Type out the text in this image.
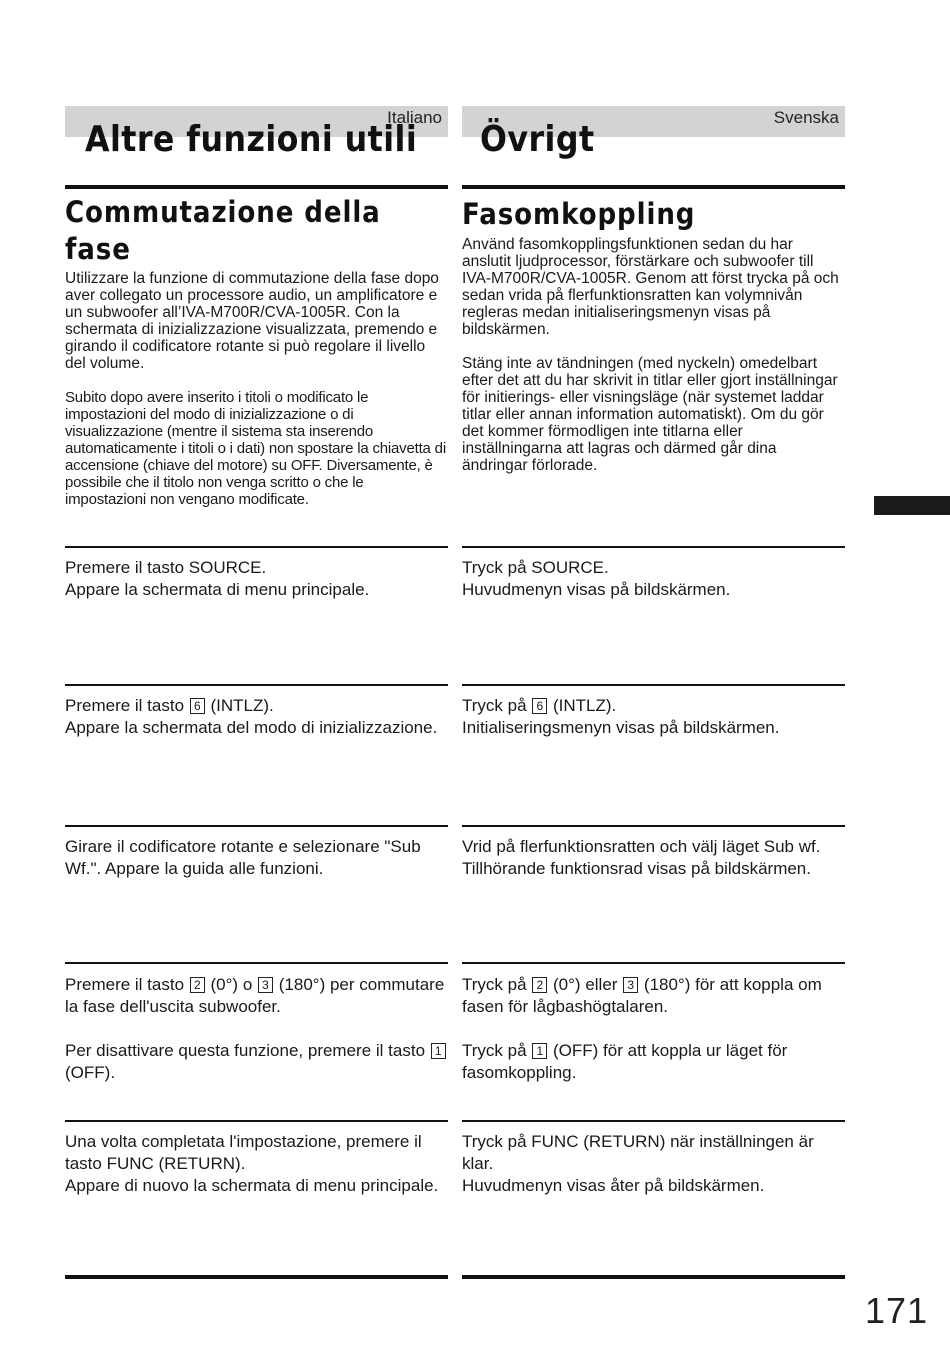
Italiano
Altre funzioni utili
Commutazione della fase

Utilizzare la funzione di commutazione della fase dopo aver collegato un processore audio, un amplificatore e un subwoofer all’IVA-M700R/CVA-1005R. Con la schermata di inizializzazione visualizzata, premendo e girando il codificatore rotante si può regolare il livello del volume.

Subito dopo avere inserito i titoli o modificato le impostazioni del modo di inizializzazione o di visualizzazione (mentre il sistema sta inserendo automaticamente i titoli o i dati) non spostare la chiavetta di accensione (chiave del motore) su OFF. Diversamente, è possibile che il titolo non venga scritto o che le impostazioni non vengano modificate.

Premere il tasto SOURCE.

Appare la schermata di menu principale.

Premere il tasto 6 (INTLZ).

Appare la schermata del modo di inizializzazione.

Girare il codificatore rotante e selezionare "Sub Wf.". Appare la guida alle funzioni.

Premere il tasto 2 (0°) o 3 (180°) per commutare la fase dell'uscita subwoofer.

Per disattivare questa funzione, premere il tasto 1 (OFF).

Una volta completata l'impostazione, premere il tasto FUNC (RETURN).

Appare di nuovo la schermata di menu principale.

Svenska
Övrigt
Fasomkoppling

Använd fasomkopplingsfunktionen sedan du har anslutit ljudprocessor, förstärkare och subwoofer till IVA-M700R/CVA-1005R. Genom att först trycka på och sedan vrida på flerfunktionsratten kan volymnivån regleras medan initialiseringsmenyn visas på bildskärmen.

Stäng inte av tändningen (med nyckeln) omedelbart efter det att du har skrivit in titlar eller gjort inställningar för initierings- eller visningsläge (när systemet laddar titlar eller annan information automatiskt). Om du gör det kommer förmodligen inte titlarna eller inställningarna att lagras och därmed går dina ändringar förlorade.

Tryck på SOURCE.

Huvudmenyn visas på bildskärmen.

Tryck på 6 (INTLZ).

Initialiseringsmenyn visas på bildskärmen.

Vrid på flerfunktionsratten och välj läget Sub wf. Tillhörande funktionsrad visas på bildskärmen.

Tryck på 2 (0°) eller 3 (180°) för att koppla om fasen för lågbashögtalaren.

Tryck på 1 (OFF) för att koppla ur läget för fasomkoppling.

Tryck på FUNC (RETURN) när inställningen är klar.

Huvudmenyn visas åter på bildskärmen.

171
